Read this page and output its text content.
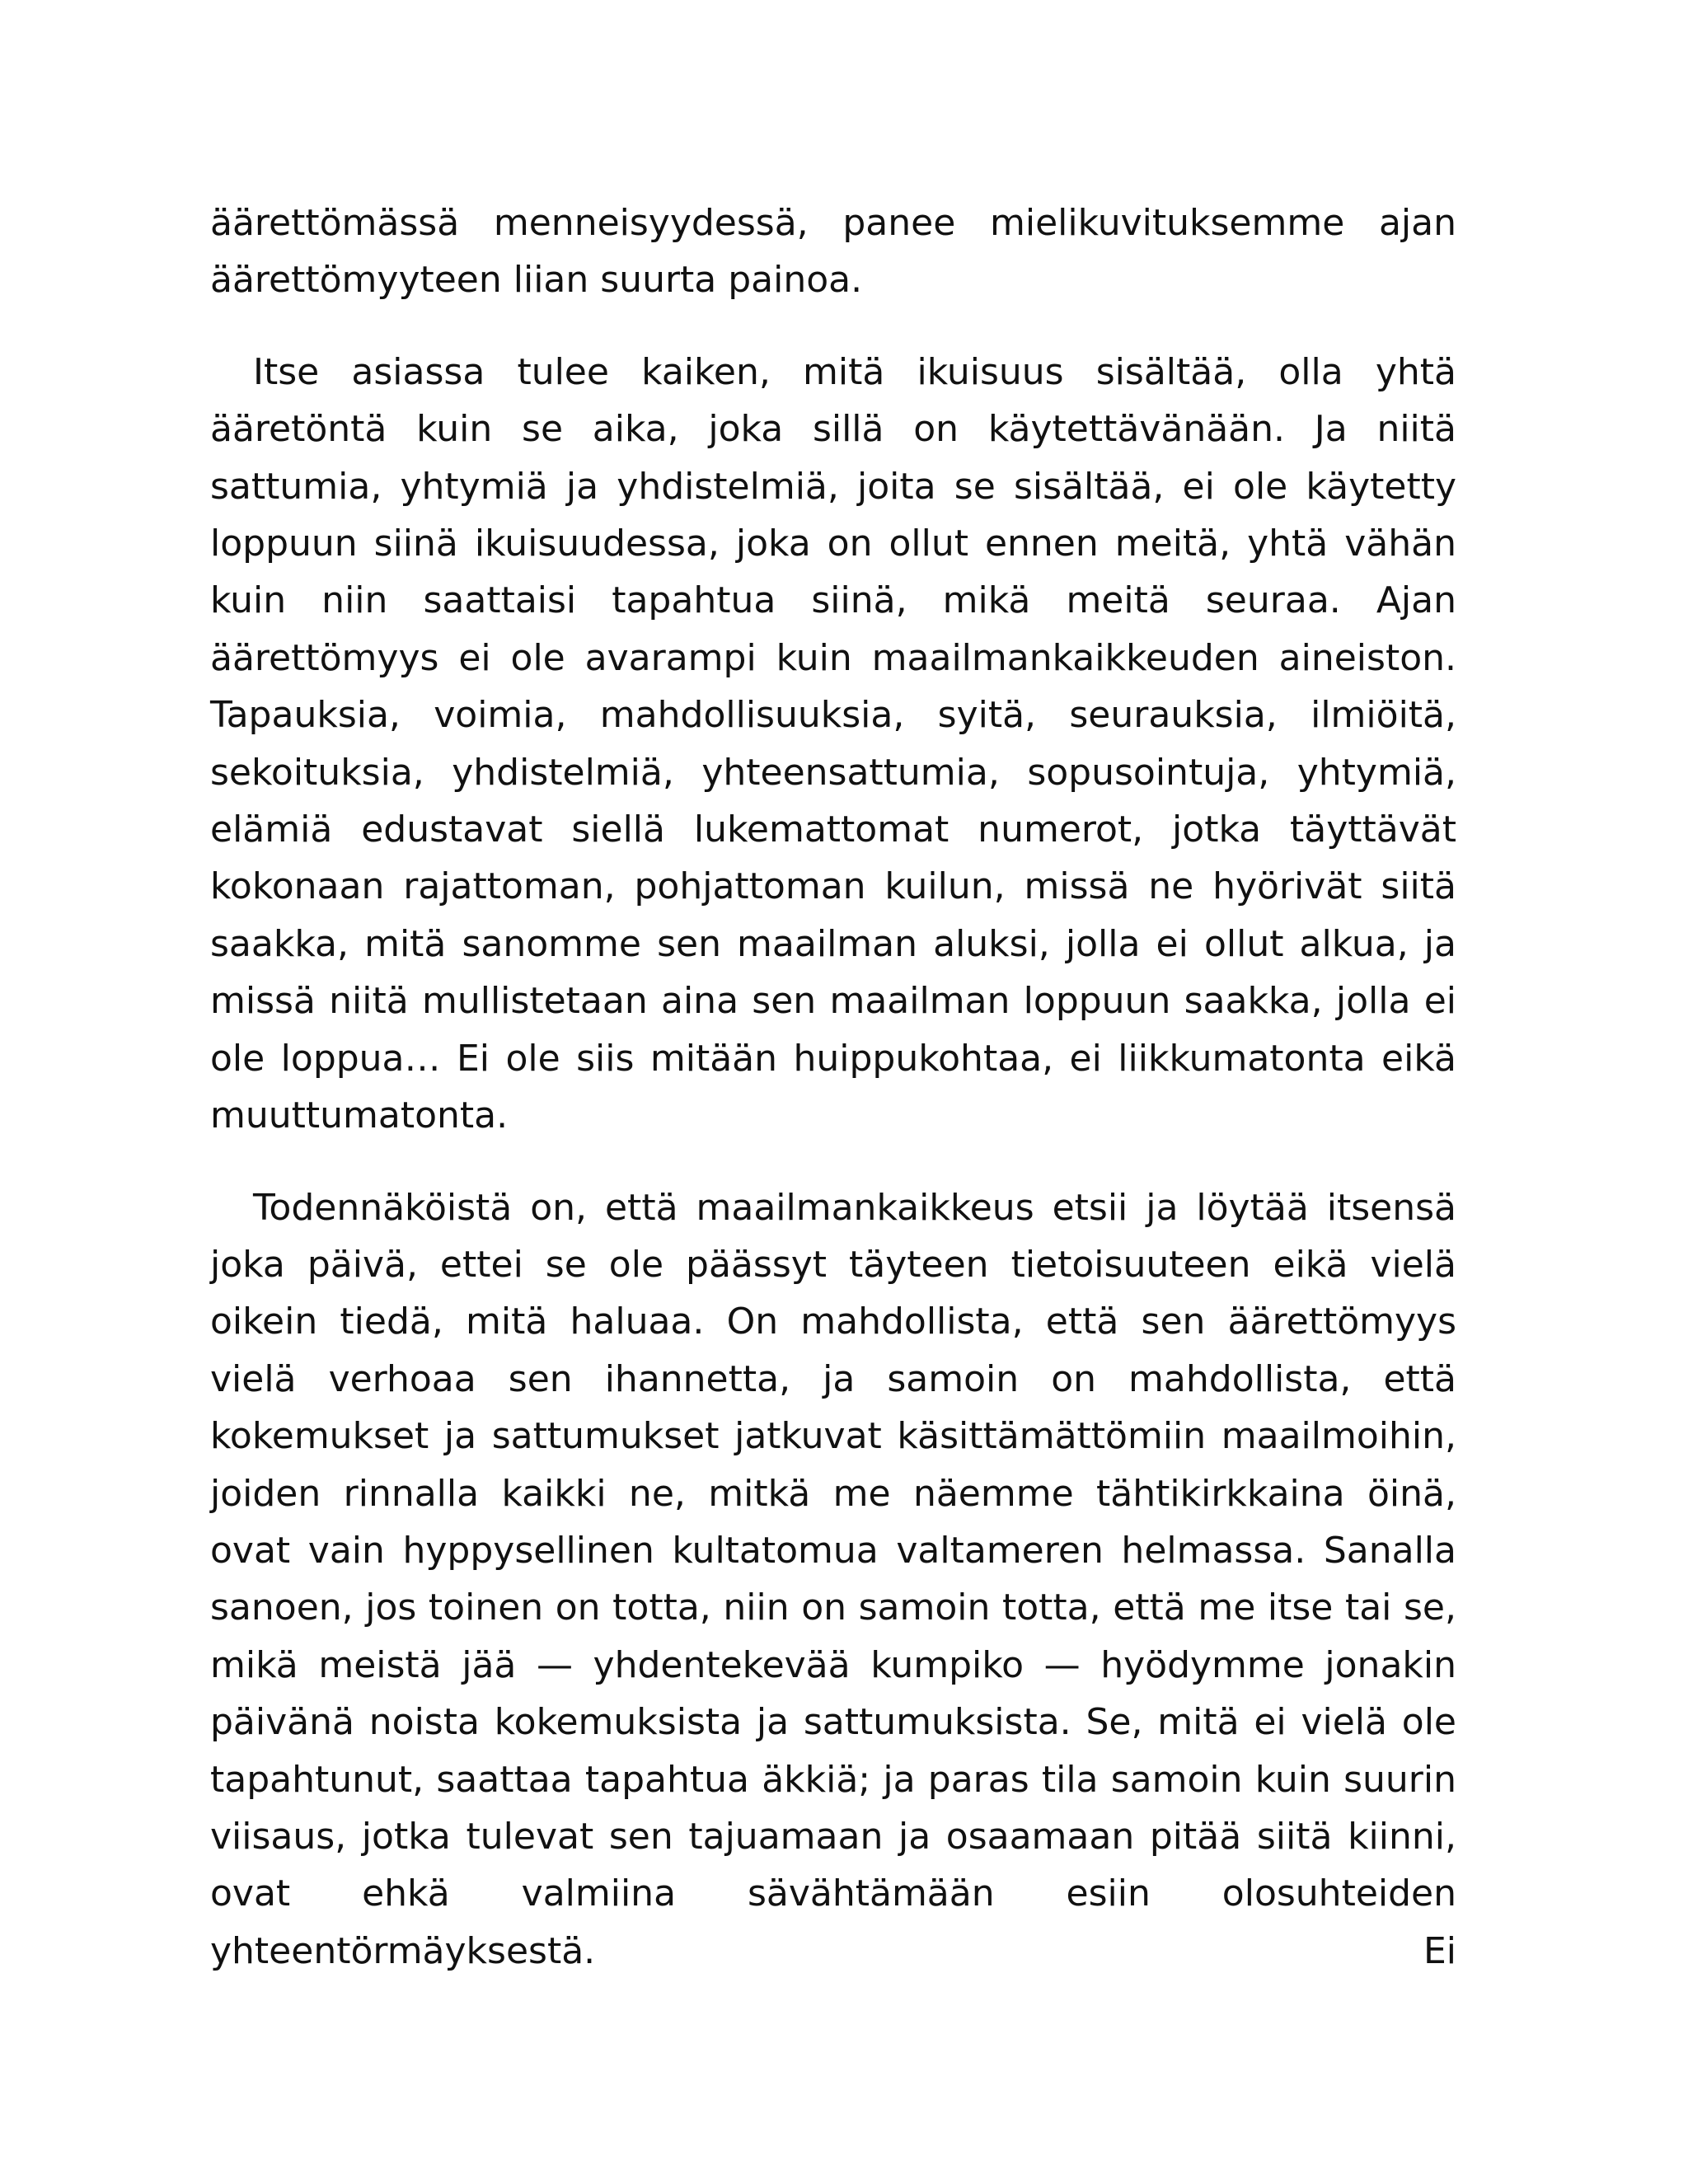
äärettömässä menneisyydessä, panee mielikuvituksemme ajan äärettömyyteen liian suurta painoa.

Itse asiassa tulee kaiken, mitä ikuisuus sisältää, olla yhtä ääretöntä kuin se aika, joka sillä on käytettävänään. Ja niitä sattumia, yhtymiä ja yhdistelmiä, joita se sisältää, ei ole käytetty loppuun siinä ikuisuudessa, joka on ollut ennen meitä, yhtä vähän kuin niin saattaisi tapahtua siinä, mikä meitä seuraa. Ajan äärettömyys ei ole avarampi kuin maailmankaikkeuden aineiston. Tapauksia, voimia, mahdollisuuksia, syitä, seurauksia, ilmiöitä, sekoituksia, yhdistelmiä, yhteensattumia, sopusointuja, yhtymiä, elämiä edustavat siellä lukemattomat numerot, jotka täyttävät kokonaan rajattoman, pohjattoman kuilun, missä ne hyörivät siitä saakka, mitä sanomme sen maailman aluksi, jolla ei ollut alkua, ja missä niitä mullistetaan aina sen maailman loppuun saakka, jolla ei ole loppua… Ei ole siis mitään huippukohtaa, ei liikkumatonta eikä muuttumatonta.

Todennäköistä on, että maailmankaikkeus etsii ja löytää itsensä joka päivä, ettei se ole päässyt täyteen tietoisuuteen eikä vielä oikein tiedä, mitä haluaa. On mahdollista, että sen äärettömyys vielä verhoaa sen ihannetta, ja samoin on mahdollista, että kokemukset ja sattumukset jatkuvat käsittämättömiin maailmoihin, joiden rinnalla kaikki ne, mitkä me näemme tähtikirkkaina öinä, ovat vain hyppysellinen kultatomua valtameren helmassa. Sanalla sanoen, jos toinen on totta, niin on samoin totta, että me itse tai se, mikä meistä jää — yhdentekevää kumpiko — hyödymme jonakin päivänä noista kokemuksista ja sattumuksista. Se, mitä ei vielä ole tapahtunut, saattaa tapahtua äkkiä; ja paras tila samoin kuin suurin viisaus, jotka tulevat sen tajuamaan ja osaamaan pitää siitä kiinni, ovat ehkä valmiina sävähtämään esiin olosuhteiden yhteentörmäyksestä. Ei
